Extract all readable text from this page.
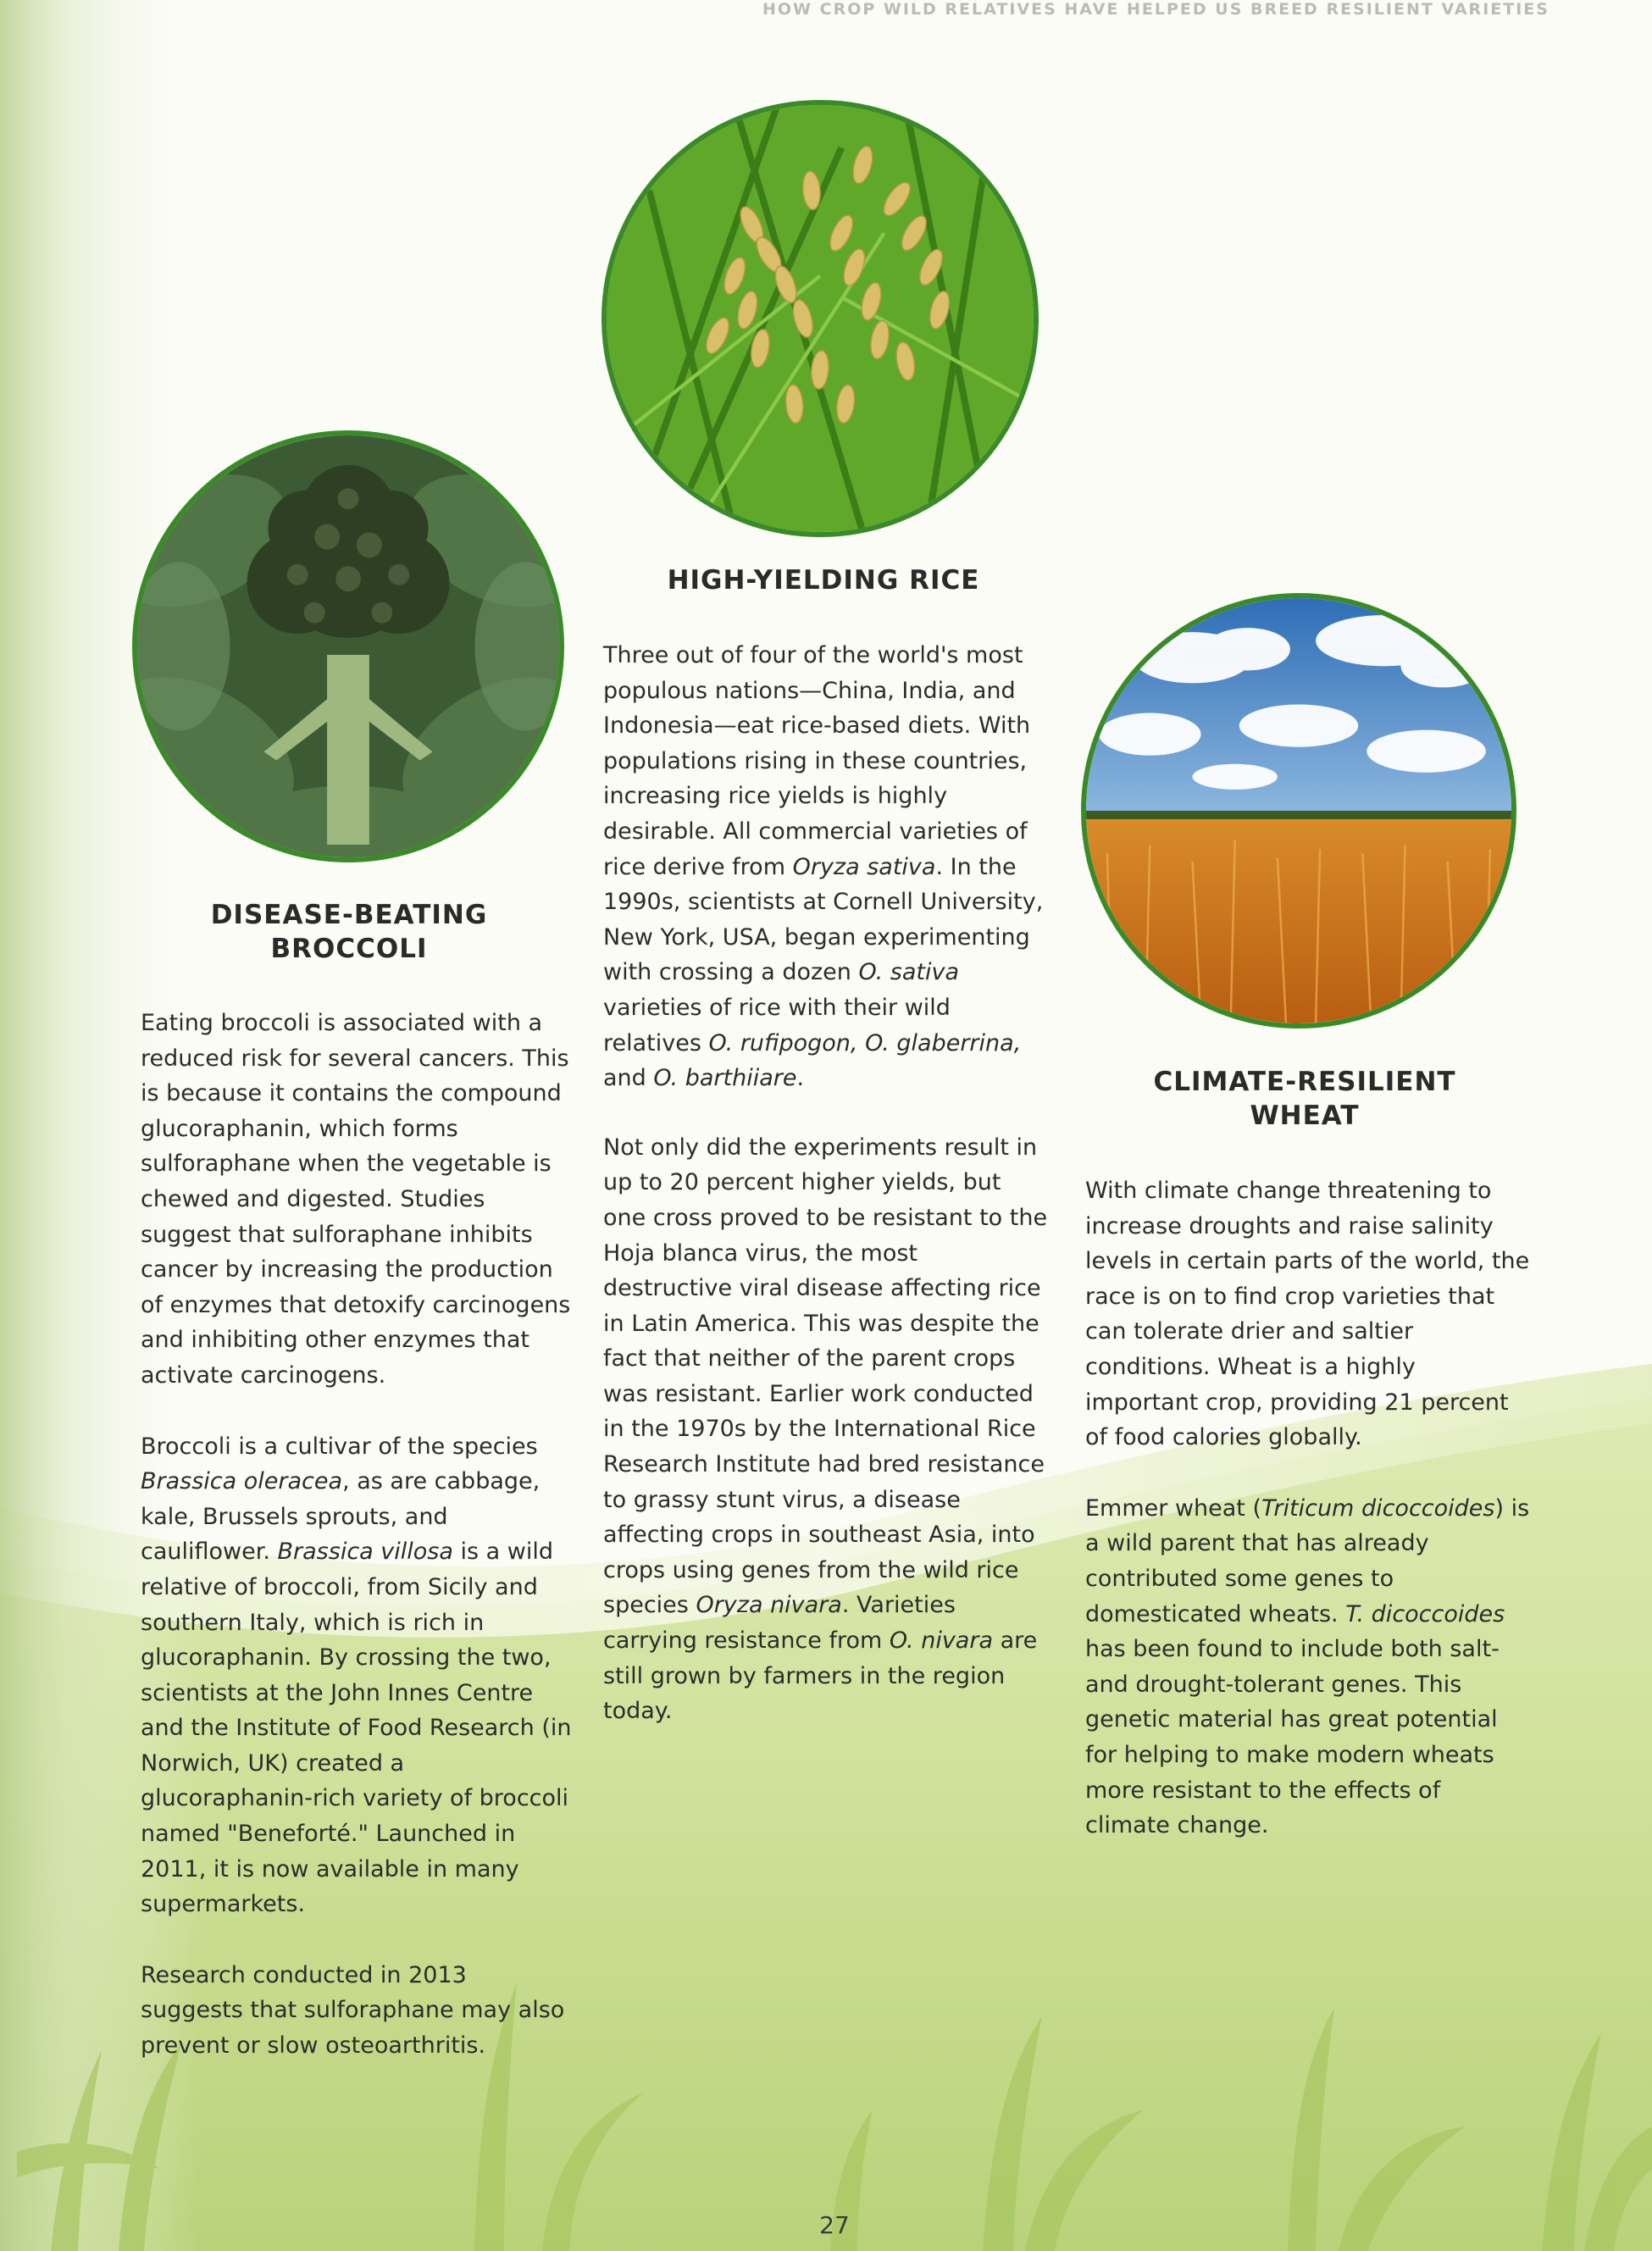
HOW CROP WILD RELATIVES HAVE HELPED US BREED RESILIENT VARIETIES
HIGH-YIELDING RICE

Three out of four of the world's most populous nations—China, India, and Indonesia—eat rice-based diets. With populations rising in these countries, increasing rice yields is highly desirable. All commercial varieties of rice derive from Oryza sativa. In the 1990s, scientists at Cornell University, New York, USA, began experimenting with crossing a dozen O. sativa varieties of rice with their wild relatives O. rufipogon, O. glaberrina, and O. barthiiare.

Not only did the experiments result in up to 20 percent higher yields, but one cross proved to be resistant to the Hoja blanca virus, the most destructive viral disease affecting rice in Latin America. This was despite the fact that neither of the parent crops was resistant. Earlier work conducted in the 1970s by the International Rice Research Institute had bred resistance to grassy stunt virus, a disease affecting crops in southeast Asia, into crops using genes from the wild rice species Oryza nivara. Varieties carrying resistance from O. nivara are still grown by farmers in the region today.

DISEASE-BEATING
BROCCOLI

Eating broccoli is associated with a reduced risk for several cancers. This is because it contains the compound glucoraphanin, which forms sulforaphane when the vegetable is chewed and digested. Studies suggest that sulforaphane inhibits cancer by increasing the production of enzymes that detoxify carcinogens and inhibiting other enzymes that activate carcinogens.

Broccoli is a cultivar of the species Brassica oleracea, as are cabbage, kale, Brussels sprouts, and cauliflower. Brassica villosa is a wild relative of broccoli, from Sicily and southern Italy, which is rich in glucoraphanin. By crossing the two, scientists at the John Innes Centre and the Institute of Food Research (in Norwich, UK) created a glucoraphanin-rich variety of broccoli named "Beneforté." Launched in 2011, it is now available in many supermarkets.

Research conducted in 2013 suggests that sulforaphane may also prevent or slow osteoarthritis.

CLIMATE-RESILIENT
WHEAT

With climate change threatening to increase droughts and raise salinity levels in certain parts of the world, the race is on to find crop varieties that can tolerate drier and saltier conditions. Wheat is a highly important crop, providing 21 percent of food calories globally.

Emmer wheat (Triticum dicoccoides) is a wild parent that has already contributed some genes to domesticated wheats. T. dicoccoides has been found to include both salt- and drought-tolerant genes. This genetic material has great potential for helping to make modern wheats more resistant to the effects of climate change.

27
